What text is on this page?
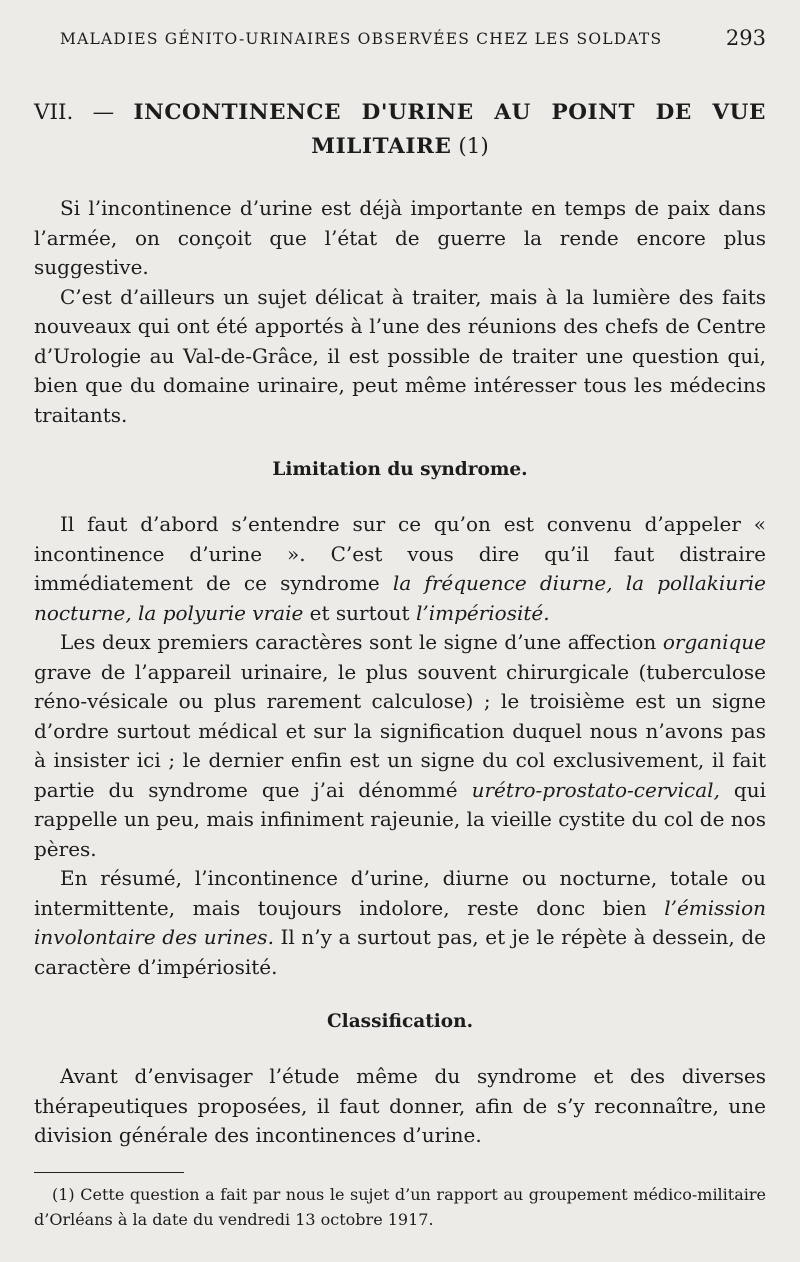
MALADIES GÉNITO-URINAIRES OBSERVÉES CHEZ LES SOLDATS	293
VII. — INCONTINENCE D'URINE AU POINT DE VUE
MILITAIRE (1)

Si l’incontinence d’urine est déjà importante en temps de paix dans l’armée, on conçoit que l’état de guerre la rende encore plus suggestive.

C’est d’ailleurs un sujet délicat à traiter, mais à la lumière des faits nouveaux qui ont été apportés à l’une des réunions des chefs de Centre d’Urologie au Val-de-Grâce, il est possible de traiter une question qui, bien que du domaine urinaire, peut même intéresser tous les médecins traitants.

Limitation du syndrome.

Il faut d’abord s’entendre sur ce qu’on est convenu d’appeler « incontinence d’urine ». C’est vous dire qu’il faut distraire immédiatement de ce syndrome la fréquence diurne, la pollakiurie nocturne, la polyurie vraie et surtout l’impériosité.

Les deux premiers caractères sont le signe d’une affection organique grave de l’appareil urinaire, le plus souvent chirurgicale (tuberculose réno-vésicale ou plus rarement calculose) ; le troisième est un signe d’ordre surtout médical et sur la signification duquel nous n’avons pas à insister ici ; le dernier enfin est un signe du col exclusivement, il fait partie du syndrome que j’ai dénommé urétro-prostato-cervical, qui rappelle un peu, mais infiniment rajeunie, la vieille cystite du col de nos pères.

En résumé, l’incontinence d’urine, diurne ou nocturne, totale ou intermittente, mais toujours indolore, reste donc bien l’émission involontaire des urines. Il n’y a surtout pas, et je le répète à dessein, de caractère d’impériosité.

Classification.

Avant d’envisager l’étude même du syndrome et des diverses thérapeutiques proposées, il faut donner, afin de s’y reconnaître, une division générale des incontinences d’urine.

(1) Cette question a fait par nous le sujet d’un rapport au groupement médico-militaire d’Orléans à la date du vendredi 13 octobre 1917.
